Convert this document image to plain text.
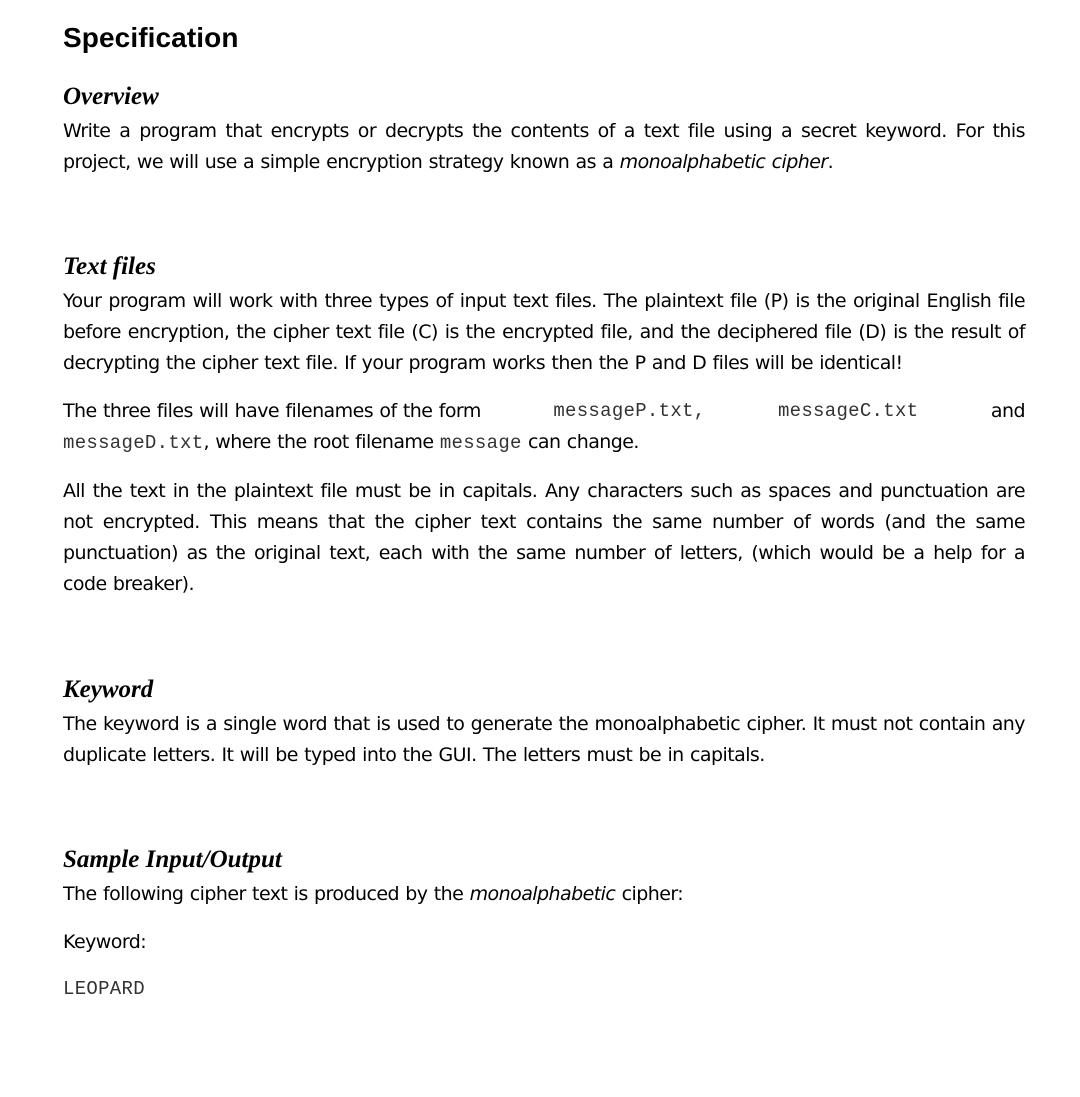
Specification
Overview

Write a program that encrypts or decrypts the contents of a text file using a secret keyword. For this project, we will use a simple encryption strategy known as a monoalphabetic cipher.

Text files

Your program will work with three types of input text files. The plaintext file (P) is the original English file before encryption, the cipher text file (C) is the encrypted file, and the deciphered file (D) is the result of decrypting the cipher text file. If your program works then the P and D files will be identical!

The three files will have filenames of the form	messageP.txt,	messageC.txt	and
messageD.txt, where the root filename message can change.

All the text in the plaintext file must be in capitals. Any characters such as spaces and punctuation are not encrypted. This means that the cipher text contains the same number of words (and the same punctuation) as the original text, each with the same number of letters, (which would be a help for a code breaker).

Keyword

The keyword is a single word that is used to generate the monoalphabetic cipher. It must not contain any duplicate letters. It will be typed into the GUI. The letters must be in capitals.

Sample Input/Output

The following cipher text is produced by the monoalphabetic cipher:

Keyword:

LEOPARD
